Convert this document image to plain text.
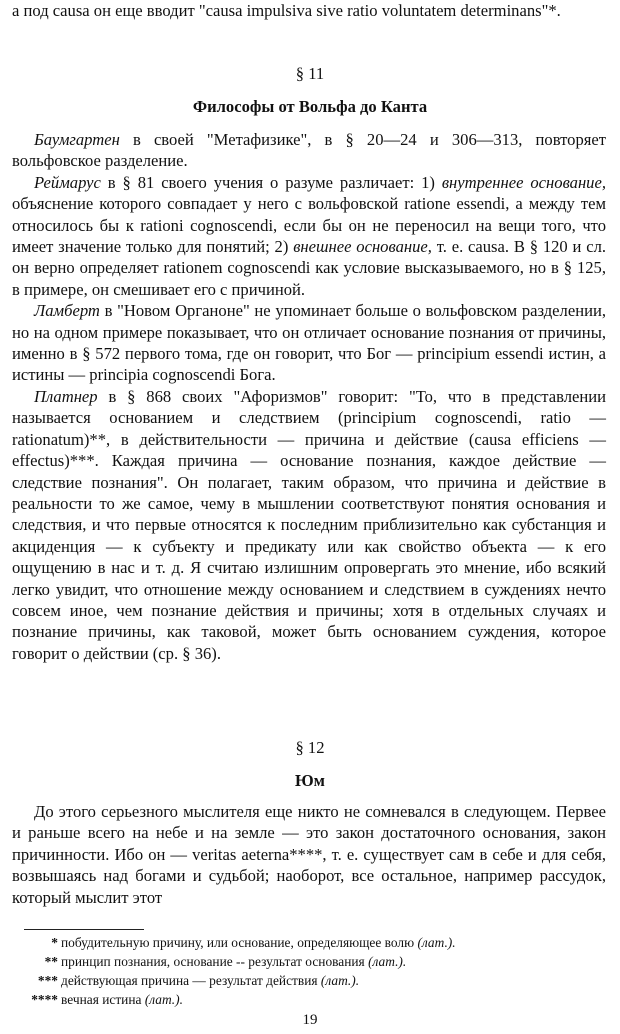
а под causa он еще вводит "causa impulsiva sive ratio voluntatem determinans"*.

§ 11
Философы от Вольфа до Канта

Баумгартен в своей "Метафизике", в § 20—24 и 306—313, повторяет вольфовское разделение.

Реймарус в § 81 своего учения о разуме различает: 1) внутреннее основание, объяснение которого совпадает у него с вольфовской ratione essendi, а между тем относилось бы к rationi cognoscendi, если бы он не переносил на вещи того, что имеет значение только для понятий; 2) внешнее основание, т. е. causa. В § 120 и сл. он верно определяет rationem cognoscendi как условие высказываемого, но в § 125, в примере, он смешивает его с причиной.

Ламберт в "Новом Органоне" не упоминает больше о вольфовском разделении, но на одном примере показывает, что он отличает основание познания от причины, именно в § 572 первого тома, где он говорит, что Бог — principium essendi истин, а истины — principia cognoscendi Бога.

Платнер в § 868 своих "Афоризмов" говорит: "То, что в представлении называется основанием и следствием (principium cognoscendi, ratio — rationatum)**, в действительности — причина и действие (causa efficiens — effectus)***. Каждая причина — основание познания, каждое действие — следствие познания". Он полагает, таким образом, что причина и действие в реальности то же самое, чему в мышлении соответствуют понятия основания и следствия, и что первые относятся к последним приблизительно как субстанция и акциденция — к субъекту и предикату или как свойство объекта — к его ощущению в нас и т. д. Я считаю излишним опровергать это мнение, ибо всякий легко увидит, что отношение между основанием и следствием в суждениях нечто совсем иное, чем познание действия и причины; хотя в отдельных случаях и познание причины, как таковой, может быть основанием суждения, которое говорит о действии (ср. § 36).

§ 12
Юм

До этого серьезного мыслителя еще никто не сомневался в следующем. Первее и раньше всего на небе и на земле — это закон достаточного основания, закон причинности. Ибо он — veritas aeterna****, т. е. существует сам в себе и для себя, возвышаясь над богами и судьбой; наоборот, все остальное, например рассудок, который мыслит этот

* побудительную причину, или основание, определяющее волю (лат.).
** принцип познания, основание -- результат основания (лат.).
*** действующая причина — результат действия (лат.).
**** вечная истина (лат.).
19
